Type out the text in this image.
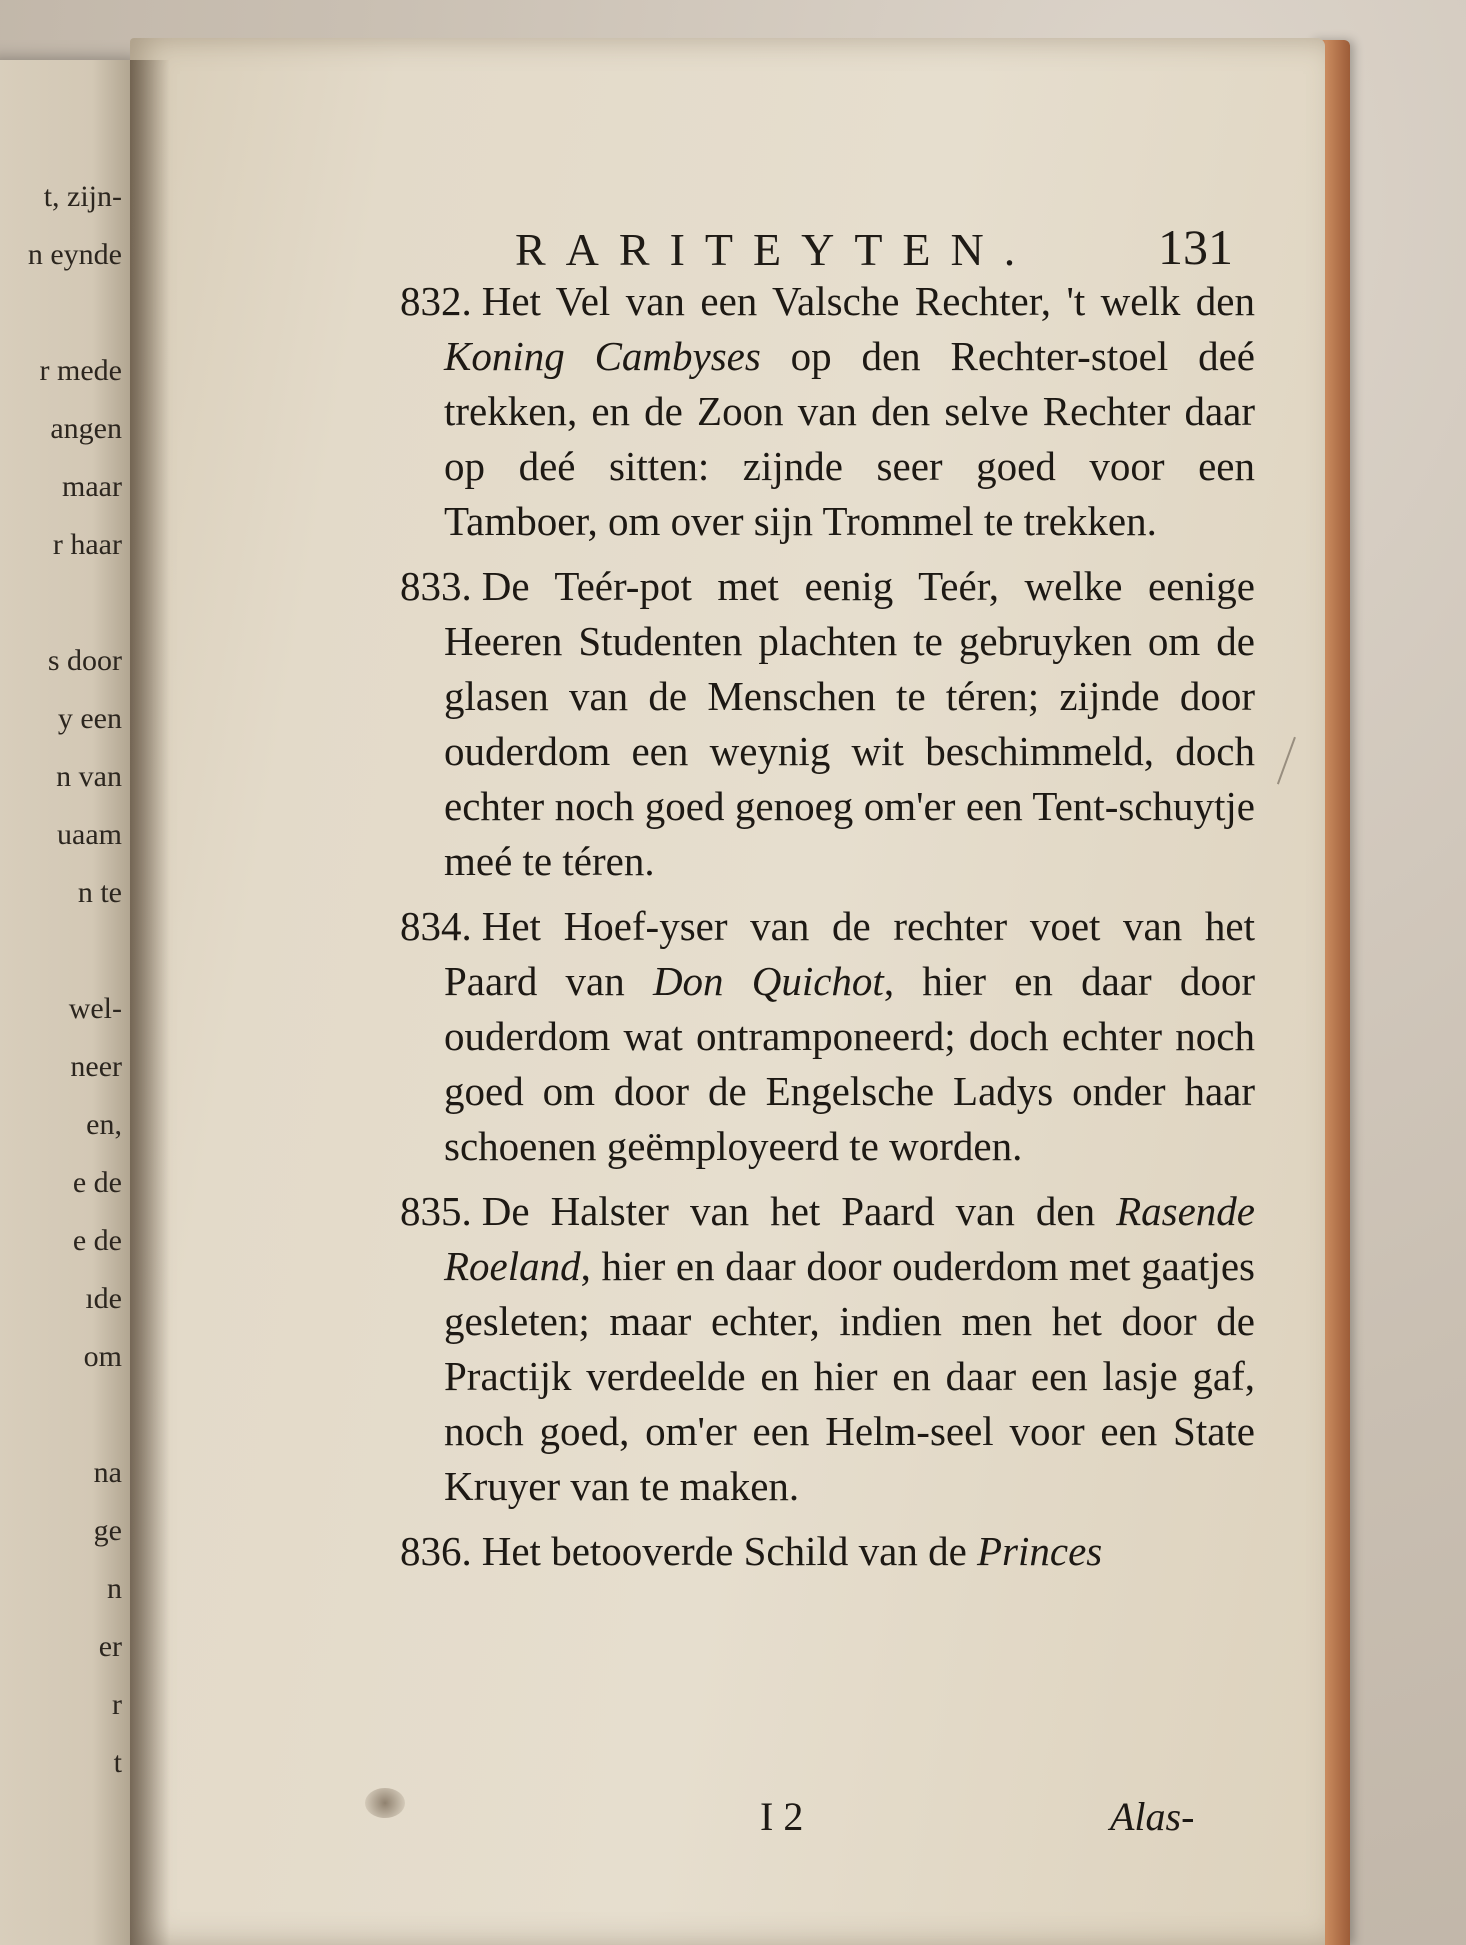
t, zijn-
n eynde
r mede
angen
maar
r haar
s door
y een
n van
uaam
n te
wel-
neer
en,
e de
e de
ıde
om
na
ge
n
er
r
t
RARITEYTEN.	131
832. Het Vel van een Valsche Rechter, 't welk den Koning Cambyses op den Rechter-stoel deé trekken, en de Zoon van den selve Rechter daar op deé sitten: zijnde seer goed voor een Tamboer, om over sijn Trommel te trekken.
833. De Teér-pot met eenig Teér, welke eenige Heeren Studenten plachten te gebruyken om de glasen van de Menschen te téren; zijnde door ouderdom een weynig wit beschimmeld, doch echter noch goed genoeg om'er een Tent-schuytje meé te téren.
834. Het Hoef-yser van de rechter voet van het Paard van Don Quichot, hier en daar door ouderdom wat ontramponeerd; doch echter noch goed om door de Engelsche Ladys onder haar schoenen geëmployeerd te worden.
835. De Halster van het Paard van den Rasende Roeland, hier en daar door ouderdom met gaatjes gesleten; maar echter, indien men het door de Practijk verdeelde en hier en daar een lasje gaf, noch goed, om'er een Helm-seel voor een State Kruyer van te maken.
836. Het betooverde Schild van de Princes
I 2	Alas-
